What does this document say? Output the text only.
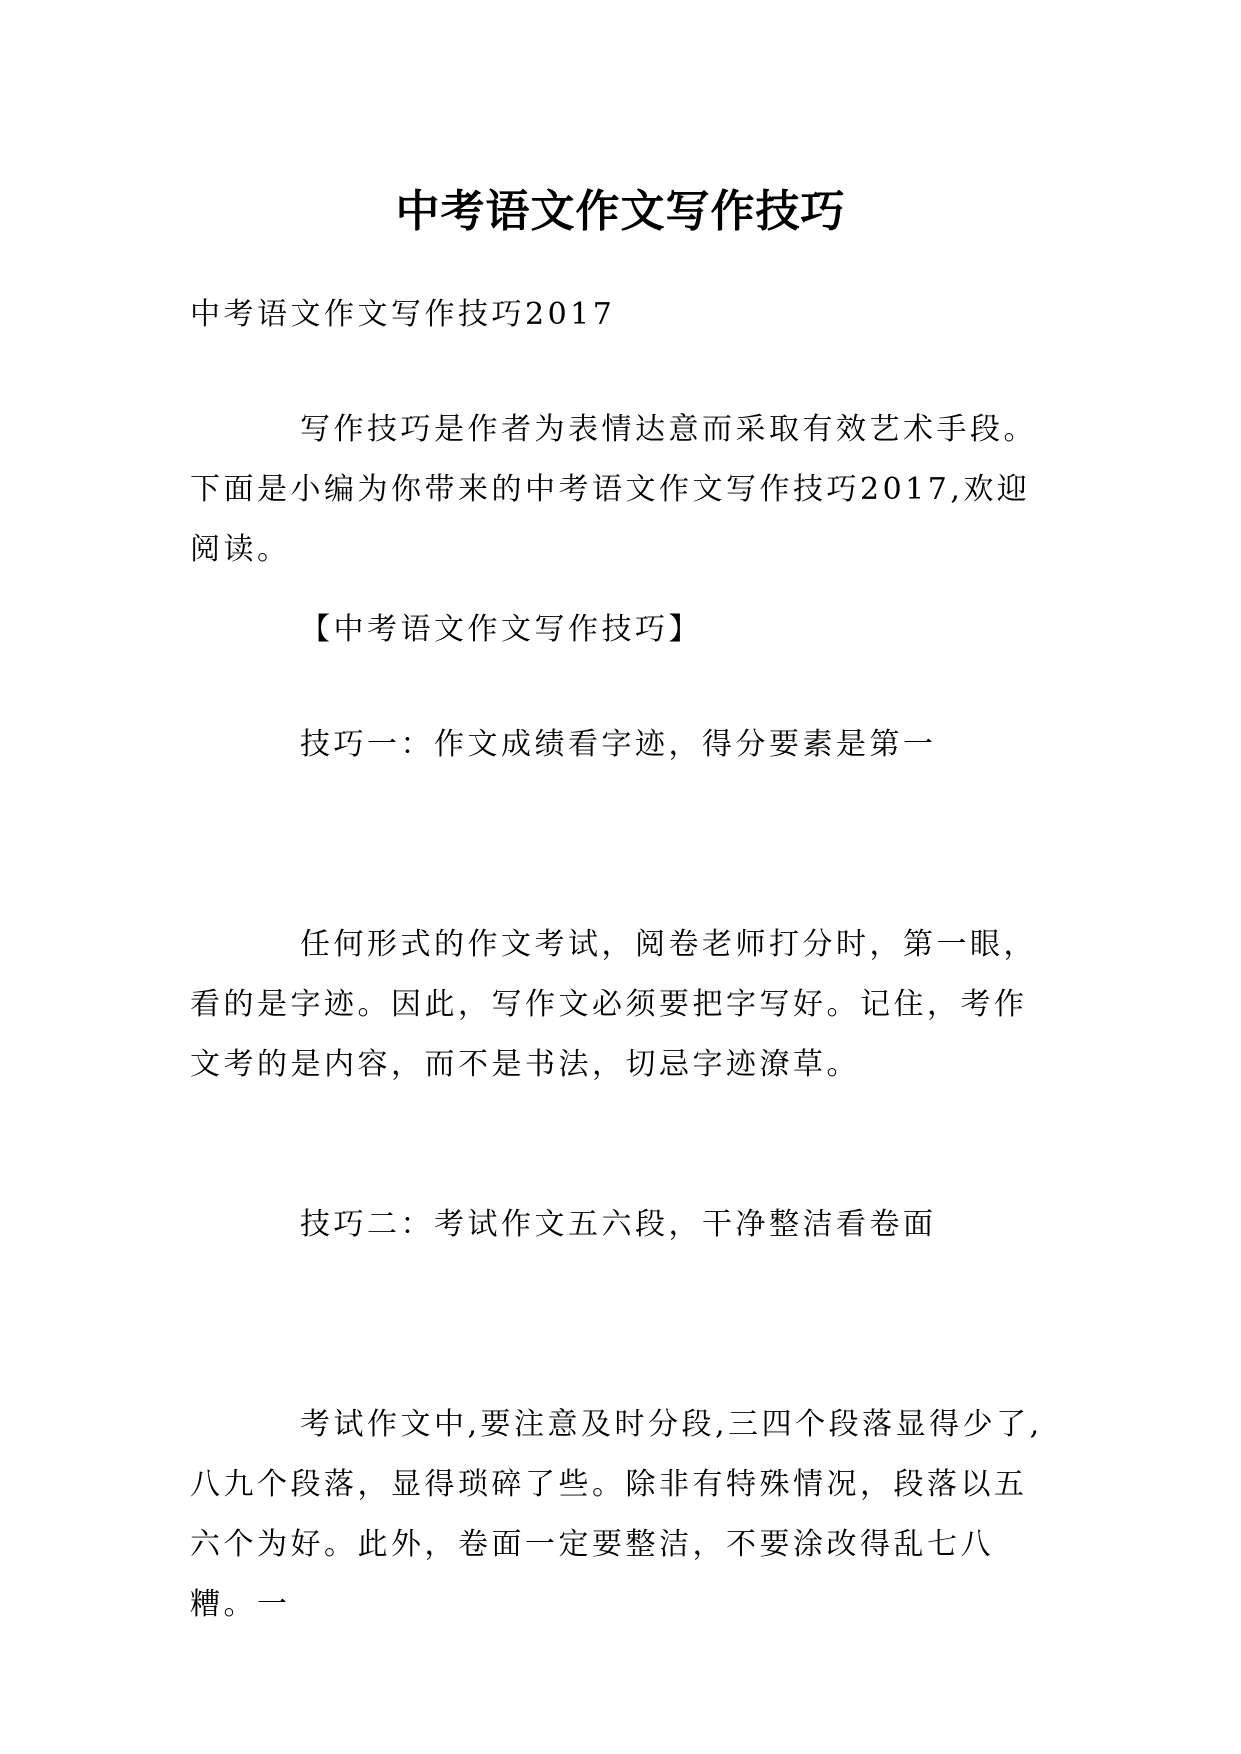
中考语文作文写作技巧

中考语文作文写作技巧2017

写作技巧是作者为表情达意而采取有效艺术手段。下面是小编为你带来的中考语文作文写作技巧2017,欢迎阅读。

【中考语文作文写作技巧】

技巧一：作文成绩看字迹，得分要素是第一

任何形式的作文考试，阅卷老师打分时，第一眼，看的是字迹。因此，写作文必须要把字写好。记住，考作文考的是内容，而不是书法，切忌字迹潦草。

技巧二：考试作文五六段，干净整洁看卷面

考试作文中,要注意及时分段,三四个段落显得少了,八九个段落，显得琐碎了些。除非有特殊情况，段落以五六个为好。此外，卷面一定要整洁，不要涂改得乱七八糟。一
